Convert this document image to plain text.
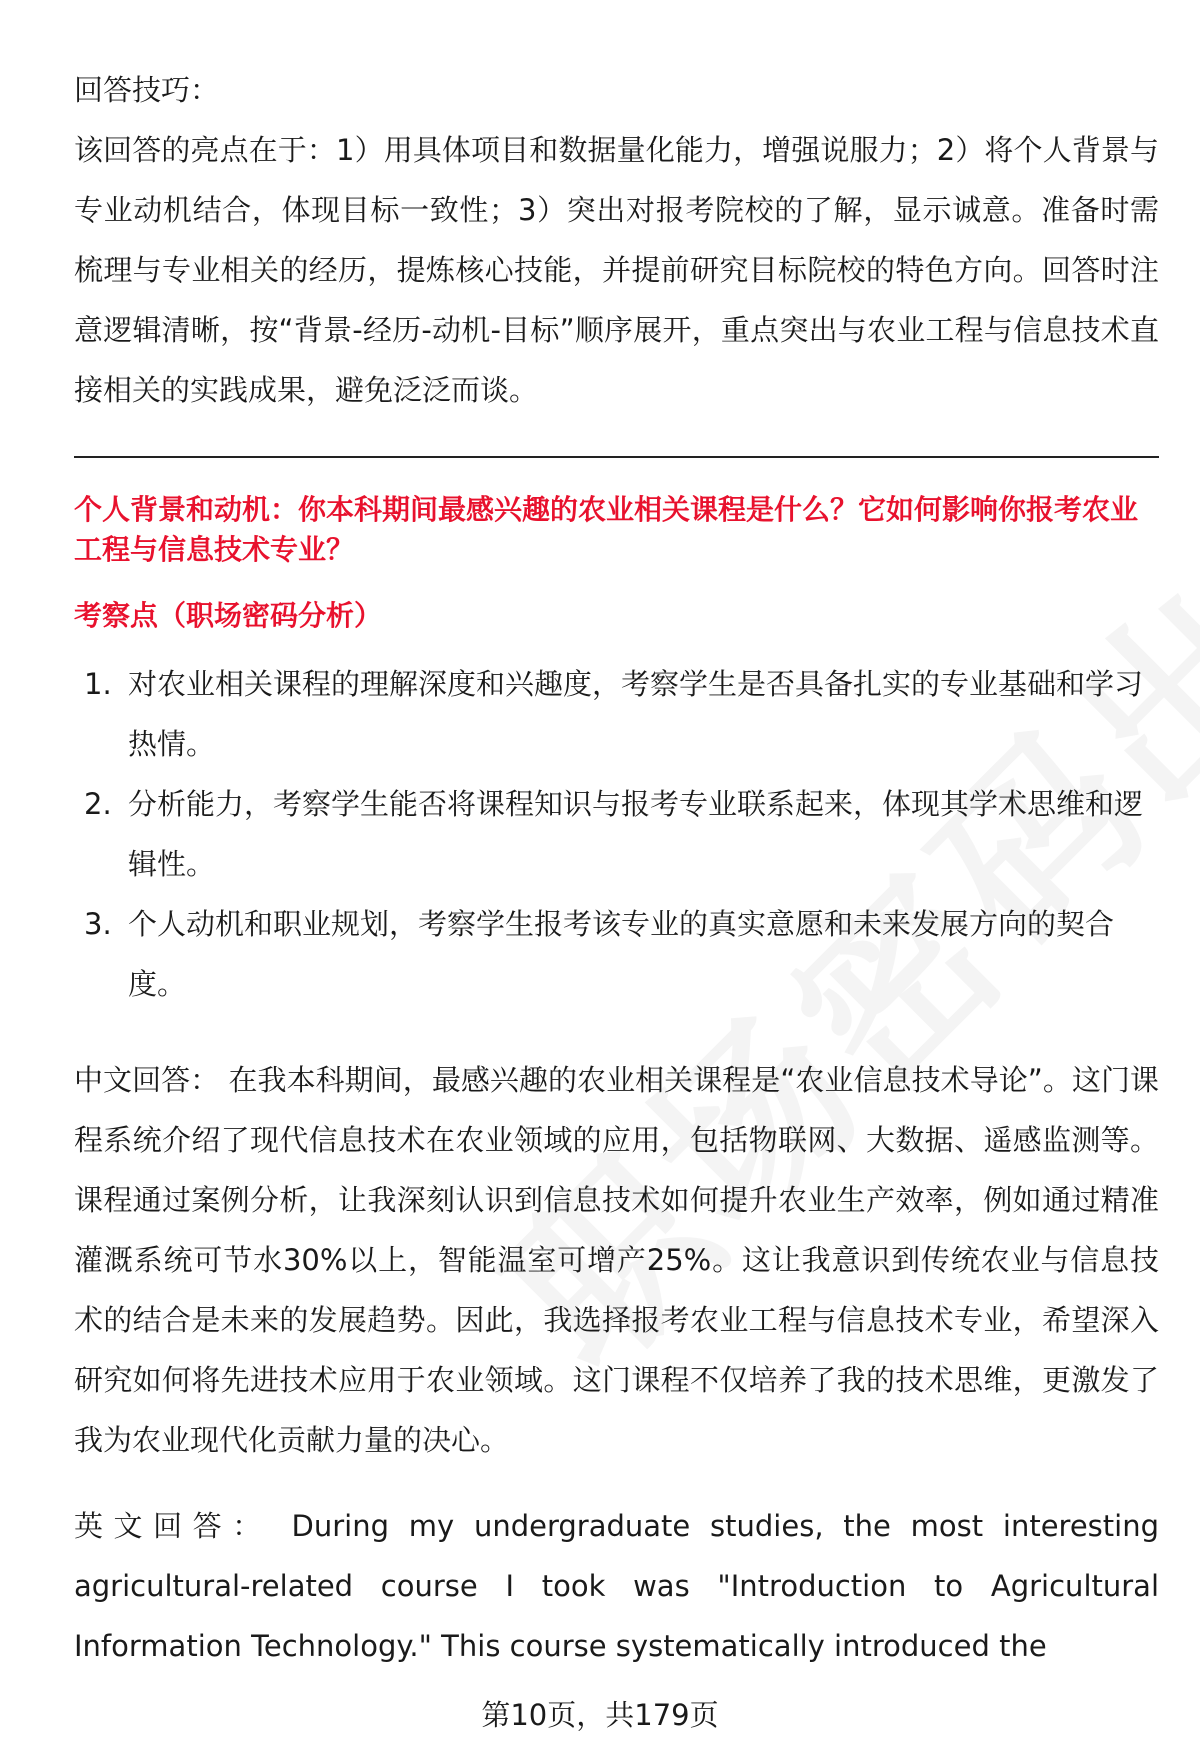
回答技巧：

该回答的亮点在于：1）用具体项目和数据量化能力，增强说服力；2）将个人背景与专业动机结合，体现目标一致性；3）突出对报考院校的了解，显示诚意。准备时需梳理与专业相关的经历，提炼核心技能，并提前研究目标院校的特色方向。回答时注意逻辑清晰，按“背景-经历-动机-目标”顺序展开，重点突出与农业工程与信息技术直接相关的实践成果，避免泛泛而谈。

个人背景和动机：你本科期间最感兴趣的农业相关课程是什么？它如何影响你报考农业工程与信息技术专业？

考察点（职场密码分析）

1. 对农业相关课程的理解深度和兴趣度，考察学生是否具备扎实的专业基础和学习热情。
2. 分析能力，考察学生能否将课程知识与报考专业联系起来，体现其学术思维和逻辑性。
3. 个人动机和职业规划，考察学生报考该专业的真实意愿和未来发展方向的契合度。

中文回答： 在我本科期间，最感兴趣的农业相关课程是“农业信息技术导论”。这门课程系统介绍了现代信息技术在农业领域的应用，包括物联网、大数据、遥感监测等。课程通过案例分析，让我深刻认识到信息技术如何提升农业生产效率，例如通过精准灌溉系统可节水30%以上，智能温室可增产25%。这让我意识到传统农业与信息技术的结合是未来的发展趋势。因此，我选择报考农业工程与信息技术专业，希望深入研究如何将先进技术应用于农业领域。这门课程不仅培养了我的技术思维，更激发了我为农业现代化贡献力量的决心。

英文回答： During my undergraduate studies, the most interesting agricultural-related course I took was "Introduction to Agricultural Information Technology." This course systematically introduced the

第10页，共179页
